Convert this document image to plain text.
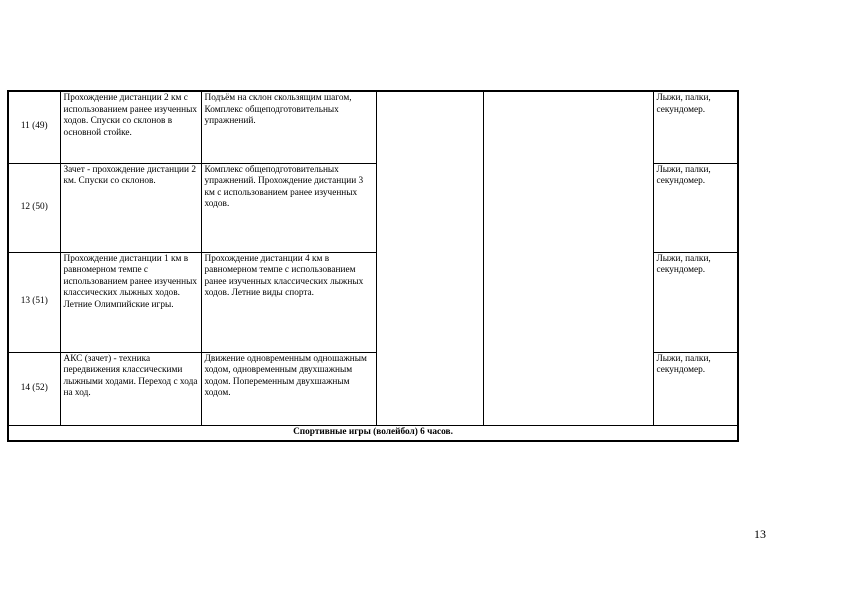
11 (49)	Прохождение дистанции 2 км с использованием ранее изученных ходов. Спуски со склонов в основной стойке.	Подъём на склон скользящим шагом, Комплекс общеподготовительных упражнений.			Лыжи, палки, секундомер.
12 (50)	Зачет - прохождение дистанции 2 км. Спуски со склонов.	Комплекс общеподготовительных упражнений. Прохождение дистанции 3 км с использованием ранее изученных ходов.			Лыжи, палки, секундомер.
13 (51)	Прохождение дистанции 1 км в равномерном темпе с использованием ранее изученных классических лыжных ходов. Летние Олимпийские игры.	Прохождение дистанции 4 км в равномерном темпе с использованием ранее изученных классических лыжных ходов. Летние виды спорта.			Лыжи, палки, секундомер.
14 (52)	АКС (зачет) - техника передвижения классическими лыжными ходами. Переход с хода на ход.	Движение одновременным одношажным ходом, одновременным двухшажным ходом. Попеременным двухшажным ходом.			Лыжи, палки, секундомер.
Спортивные игры (волейбол) 6 часов.					
13
